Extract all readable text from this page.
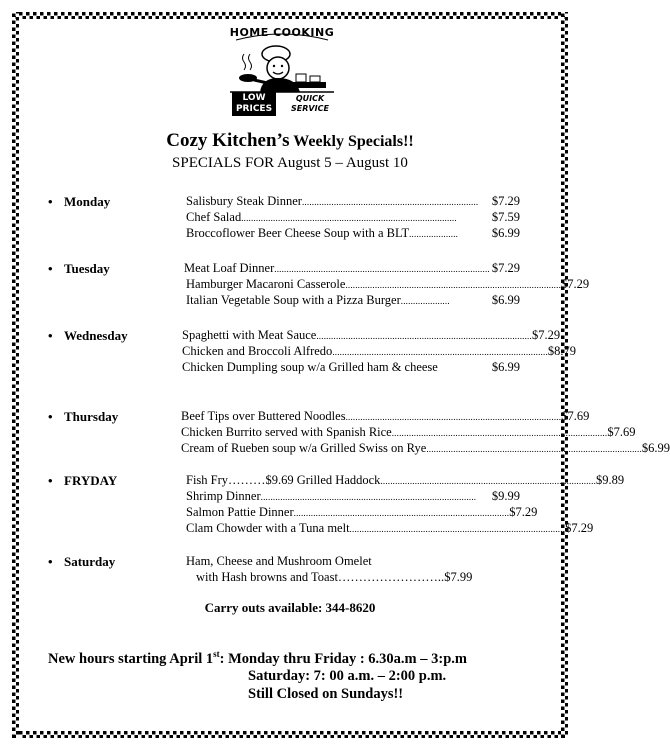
HOME COOKING
LOW
PRICES
QUICK
SERVICE
Cozy Kitchen’s Weekly Specials!!
SPECIALS FOR August 5 – August 10
• Monday	Salisbury Steak Dinner ........................................................................	$7.29
Chef Salad ........................................................................................	$7.59
Broccoflower Beer Cheese Soup with a BLT ....................	$6.99
• Tuesday	Meat Loaf Dinner ........................................................................................ $7.29
Hamburger Macaroni Casserole ........................................................................................ $7.29
Italian Vegetable Soup with a Pizza Burger ....................	$6.99
• Wednesday	Spaghetti with Meat Sauce ........................................................................................ $7.29
Chicken and Broccoli Alfredo ........................................................................................ $8.79
Chicken Dumpling soup w/a Grilled ham & cheese	$6.99
• Thursday	Beef Tips over Buttered Noodles ........................................................................................ $7.69
Chicken Burrito served with Spanish Rice ........................................................................................ $7.69
Cream of Rueben soup w/a Grilled Swiss on Rye ........................................................................................ $6.99
• FRYDAY	Fish Fry………$9.69 Grilled Haddock ........................................................................................ $9.89
Shrimp Dinner ........................................................................................	$9.99
Salmon Pattie Dinner ........................................................................................ $7.29
Clam Chowder with a Tuna melt ........................................................................................ $7.29
• Saturday	Ham, Cheese and Mushroom Omelet
with Hash browns and Toast…………………….. $7.99
Carry outs available: 344-8620
New hours starting April 1st: Monday thru Friday : 6.30a.m – 3:p.m
Saturday: 7: 00 a.m. – 2:00 p.m.
Still Closed on Sundays!!
